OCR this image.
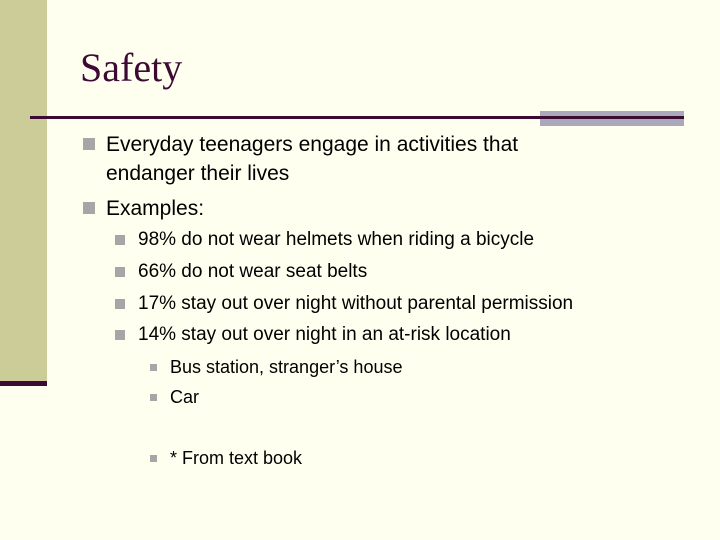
Safety
Everyday teenagers engage in activities that
endanger their lives
Examples:
98% do not wear helmets when riding a bicycle
66% do not wear seat belts
17% stay out over night without parental permission
14% stay out over night in an at-risk location
Bus station, stranger’s house
Car
* From text book
